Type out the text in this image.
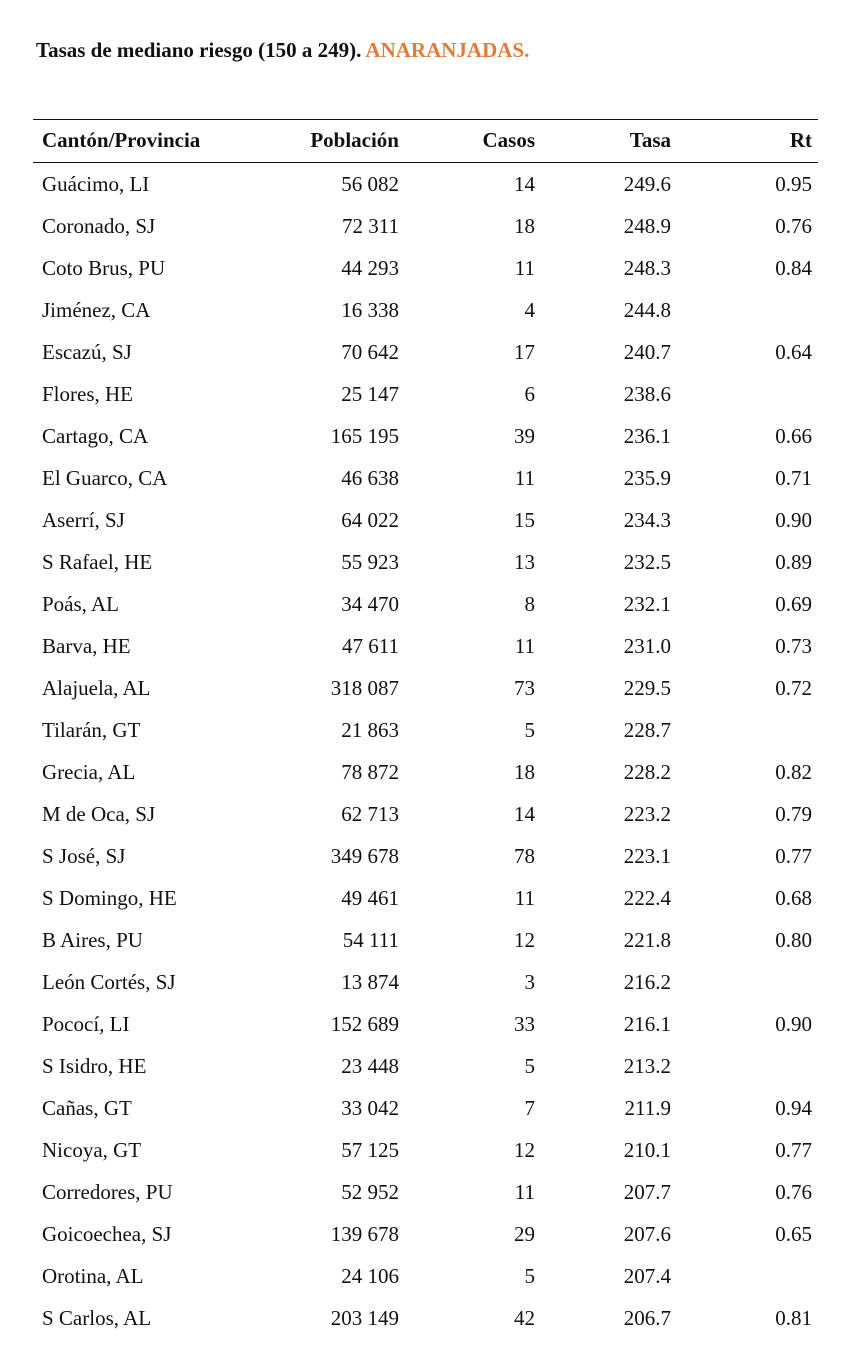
Tasas de mediano riesgo (150 a 249). ANARANJADAS.
Cantón/Provincia	Población	Casos	Tasa	Rt
Guácimo, LI	56 082	14	249.6	0.95
Coronado, SJ	72 311	18	248.9	0.76
Coto Brus, PU	44 293	11	248.3	0.84
Jiménez, CA	16 338	4	244.8	
Escazú, SJ	70 642	17	240.7	0.64
Flores, HE	25 147	6	238.6	
Cartago, CA	165 195	39	236.1	0.66
El Guarco, CA	46 638	11	235.9	0.71
Aserrí, SJ	64 022	15	234.3	0.90
S Rafael, HE	55 923	13	232.5	0.89
Poás, AL	34 470	8	232.1	0.69
Barva, HE	47 611	11	231.0	0.73
Alajuela, AL	318 087	73	229.5	0.72
Tilarán, GT	21 863	5	228.7	
Grecia, AL	78 872	18	228.2	0.82
M de Oca, SJ	62 713	14	223.2	0.79
S José, SJ	349 678	78	223.1	0.77
S Domingo, HE	49 461	11	222.4	0.68
B Aires, PU	54 111	12	221.8	0.80
León Cortés, SJ	13 874	3	216.2	
Pococí, LI	152 689	33	216.1	0.90
S Isidro, HE	23 448	5	213.2	
Cañas, GT	33 042	7	211.9	0.94
Nicoya, GT	57 125	12	210.1	0.77
Corredores, PU	52 952	11	207.7	0.76
Goicoechea, SJ	139 678	29	207.6	0.65
Orotina, AL	24 106	5	207.4	
S Carlos, AL	203 149	42	206.7	0.81
